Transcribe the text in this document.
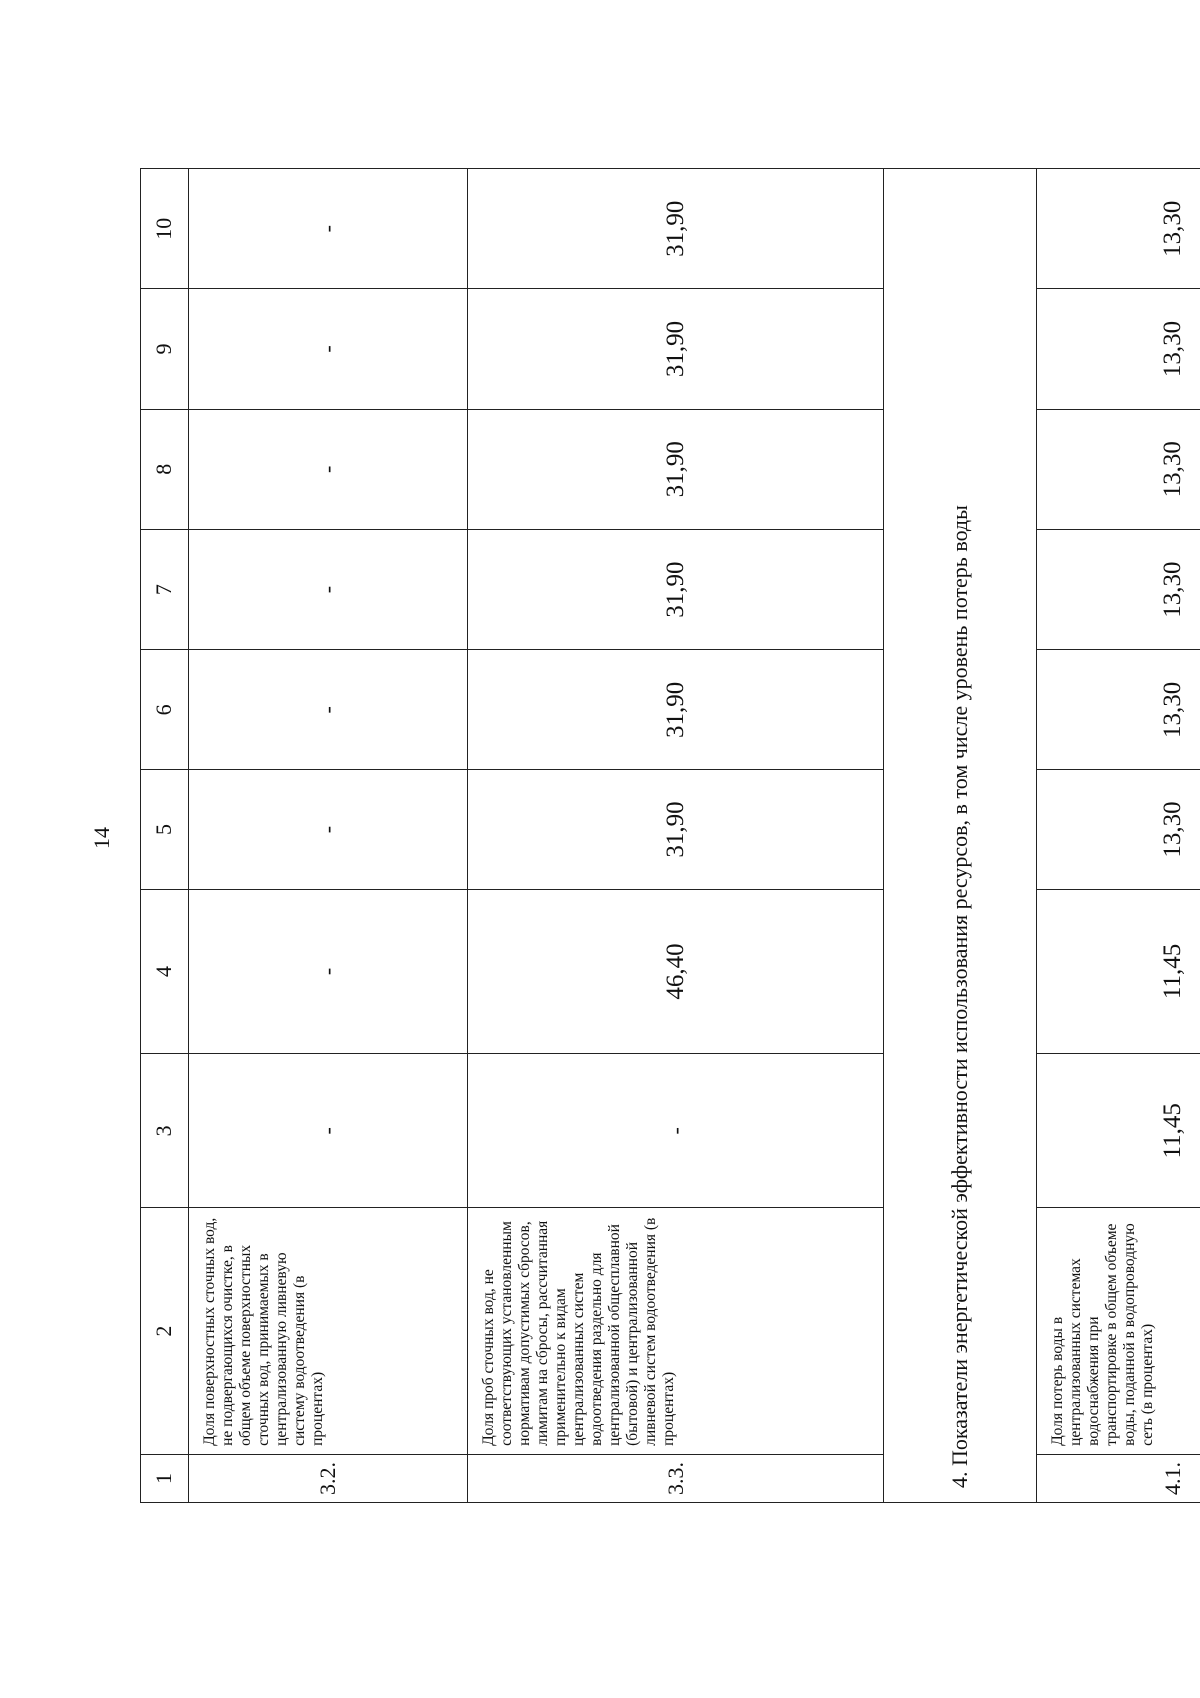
14
1	2	3	4	5	6	7	8	9	10
3.2.	Доля поверхностных сточных вод, не подвергающихся очистке, в общем объеме поверхностных сточных вод, принимаемых в централизованную ливневую систему водоотведения (в процентах)	-	-	-	-	-	-	-	-
3.3.	Доля проб сточных вод, не соответствующих установленным нормативам допустимых сбросов, лимитам на сбросы, рассчитанная применительно к видам централизованных систем водоотведения раздельно для централизованной общесплавной (бытовой) и централизованной ливневой систем водоотведения (в процентах)	-	46,40	31,90	31,90	31,90	31,90	31,90	31,90
4. Показатели энергетической эффективности использования ресурсов, в том числе уровень потерь воды									
4.1.	Доля потерь воды в централизованных системах водоснабжения при транспортировке в общем объеме воды, поданной в водопроводную сеть (в процентах)	11,45	11,45	13,30	13,30	13,30	13,30	13,30	13,30
